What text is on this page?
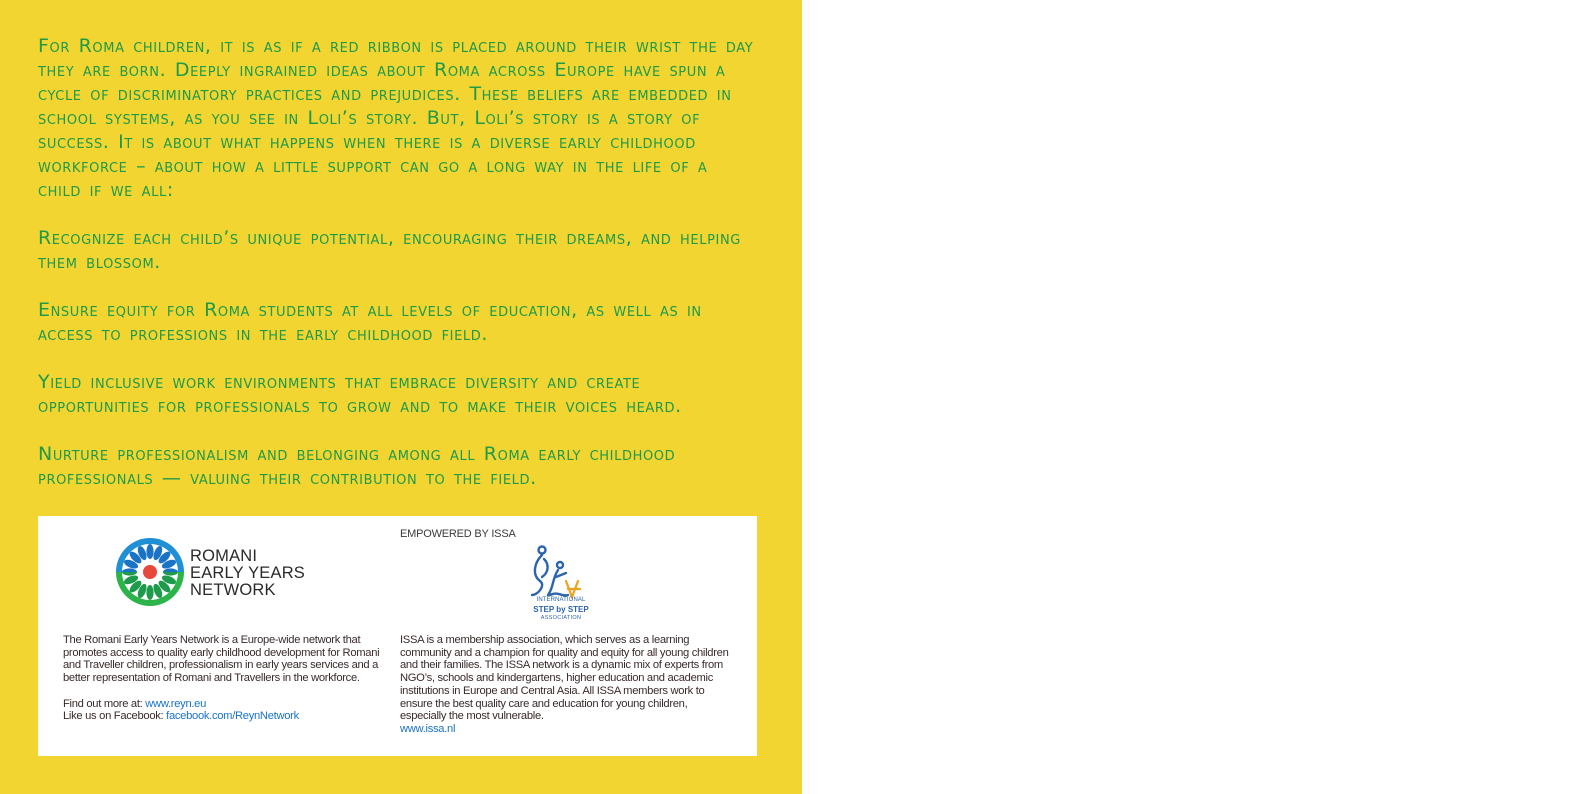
For Roma children, it is as if a red ribbon is placed around their wrist the day they are born. Deeply ingrained ideas about Roma across Europe have spun a cycle of discriminatory practices and prejudices. These beliefs are embedded in school systems, as you see in Loli’s story. But, Loli’s story is a story of success. It is about what happens when there is a diverse early childhood workforce – about how a little support can go a long way in the life of a child if we all:

Recognize each child’s unique potential, encouraging their dreams, and helping them blossom.

Ensure equity for Roma students at all levels of education, as well as in access to professions in the early childhood field.

Yield inclusive work environments that embrace diversity and create opportunities for professionals to grow and to make their voices heard.

Nurture professionalism and belonging among all Roma early childhood professionals — valuing their contribution to the field.

ROMANI
EARLY YEARS
NETWORK
EMPOWERED BY ISSA
INTERNATIONAL
STEP by STEP
ASSOCIATION

The Romani Early Years Network is a Europe-wide network that promotes access to quality early childhood development for Romani and Traveller children, professionalism in early years services and a better representation of Romani and Travellers in the workforce.

Find out more at: www.reyn.eu

Like us on Facebook: facebook.com/ReynNetwork

ISSA is a membership association, which serves as a learning community and a champion for quality and equity for all young children and their families. The ISSA network is a dynamic mix of experts from NGO’s, schools and kindergartens, higher education and academic institutions in Europe and Central Asia. All ISSA members work to ensure the best quality care and education for young children, especially the most vulnerable.

www.issa.nl
